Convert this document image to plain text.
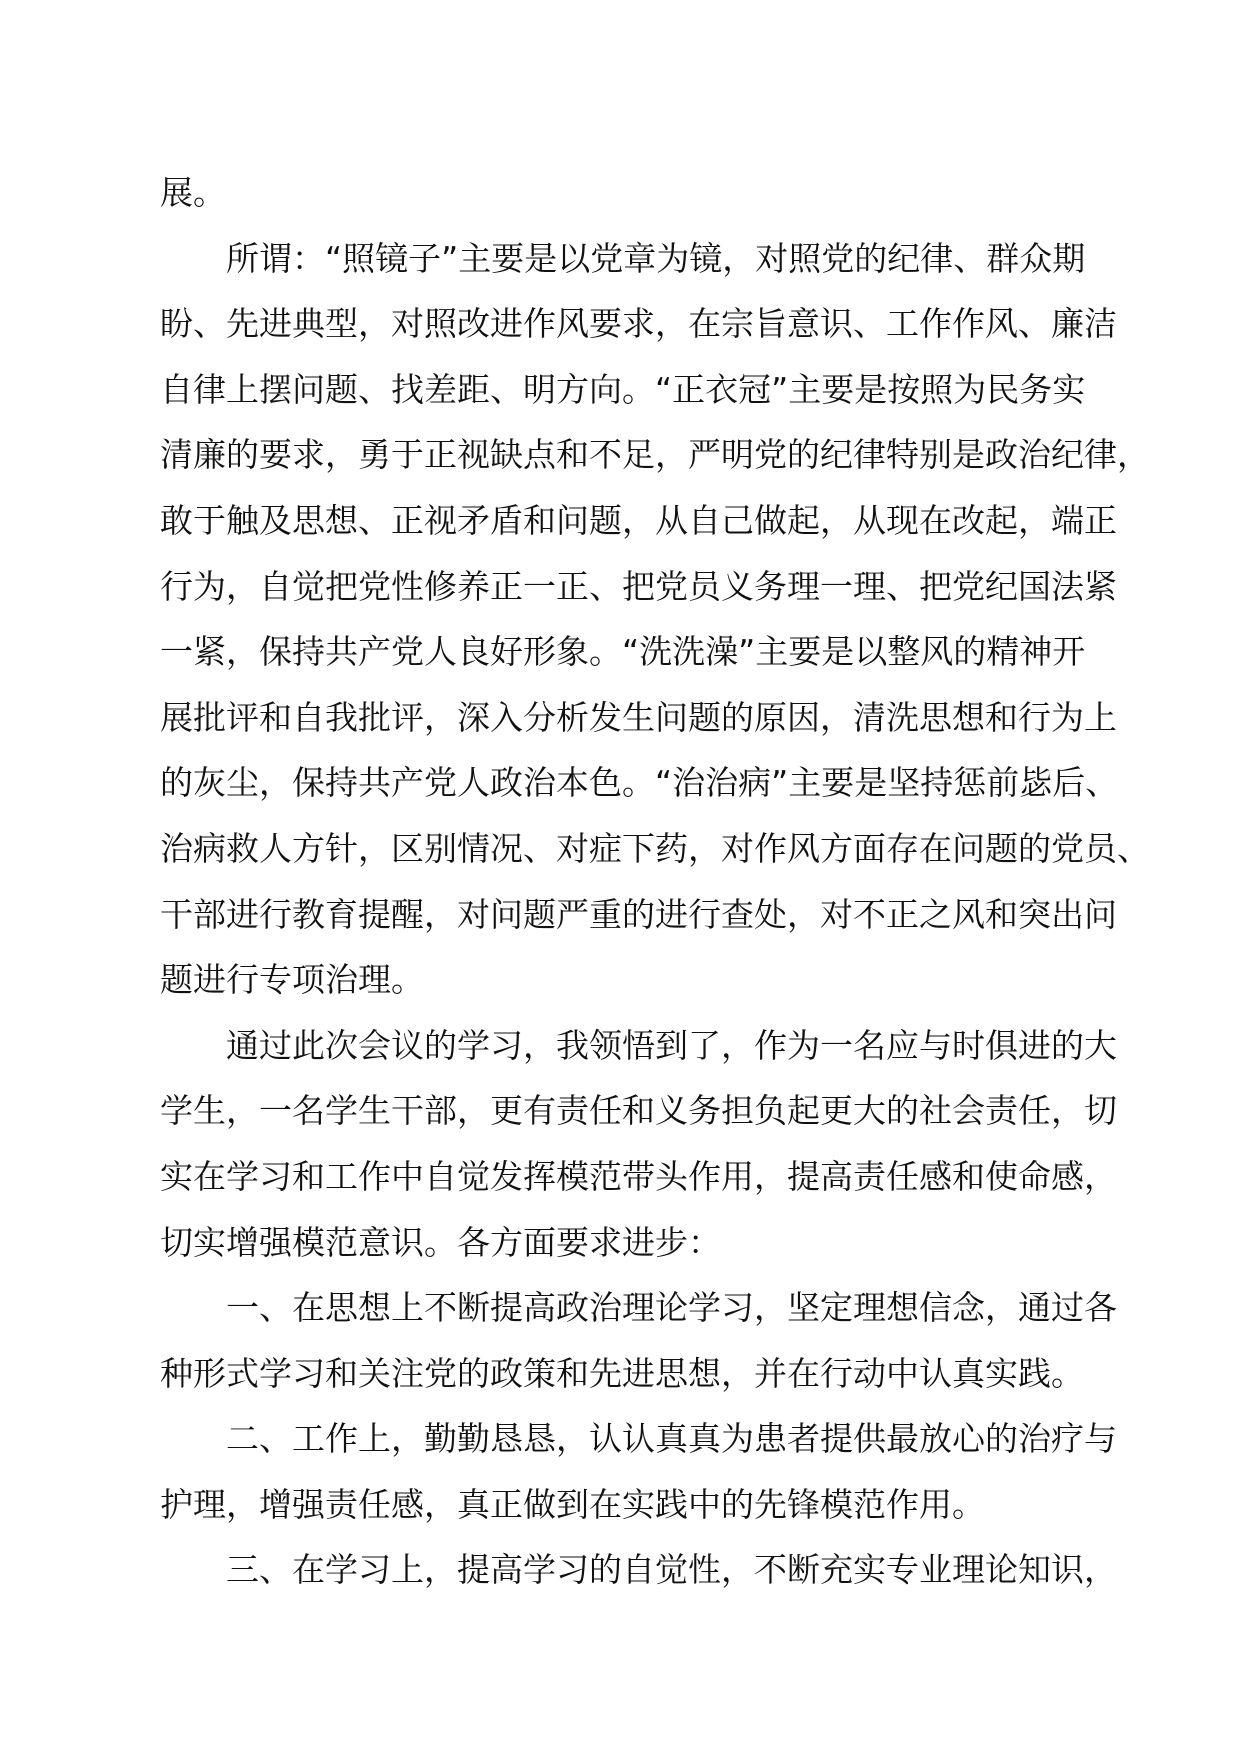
展。
所谓：“照镜子”主要是以党章为镜，对照党的纪律、群众期
盼、先进典型，对照改进作风要求，在宗旨意识、工作作风、廉洁
自律上摆问题、找差距、明方向。“正衣冠”主要是按照为民务实
清廉的要求，勇于正视缺点和不足，严明党的纪律特别是政治纪律，
敢于触及思想、正视矛盾和问题，从自己做起，从现在改起，端正
行为，自觉把党性修养正一正、把党员义务理一理、把党纪国法紧
一紧，保持共产党人良好形象。“洗洗澡”主要是以整风的精神开
展批评和自我批评，深入分析发生问题的原因，清洗思想和行为上
的灰尘，保持共产党人政治本色。“治治病”主要是坚持惩前毖后、
治病救人方针，区别情况、对症下药，对作风方面存在问题的党员、
干部进行教育提醒，对问题严重的进行查处，对不正之风和突出问
题进行专项治理。
通过此次会议的学习，我领悟到了，作为一名应与时俱进的大
学生，一名学生干部，更有责任和义务担负起更大的社会责任，切
实在学习和工作中自觉发挥模范带头作用，提高责任感和使命感，
切实增强模范意识。各方面要求进步：
一、在思想上不断提高政治理论学习，坚定理想信念，通过各
种形式学习和关注党的政策和先进思想，并在行动中认真实践。
二、工作上，勤勤恳恳，认认真真为患者提供最放心的治疗与
护理，增强责任感，真正做到在实践中的先锋模范作用。
三、在学习上，提高学习的自觉性，不断充实专业理论知识，
